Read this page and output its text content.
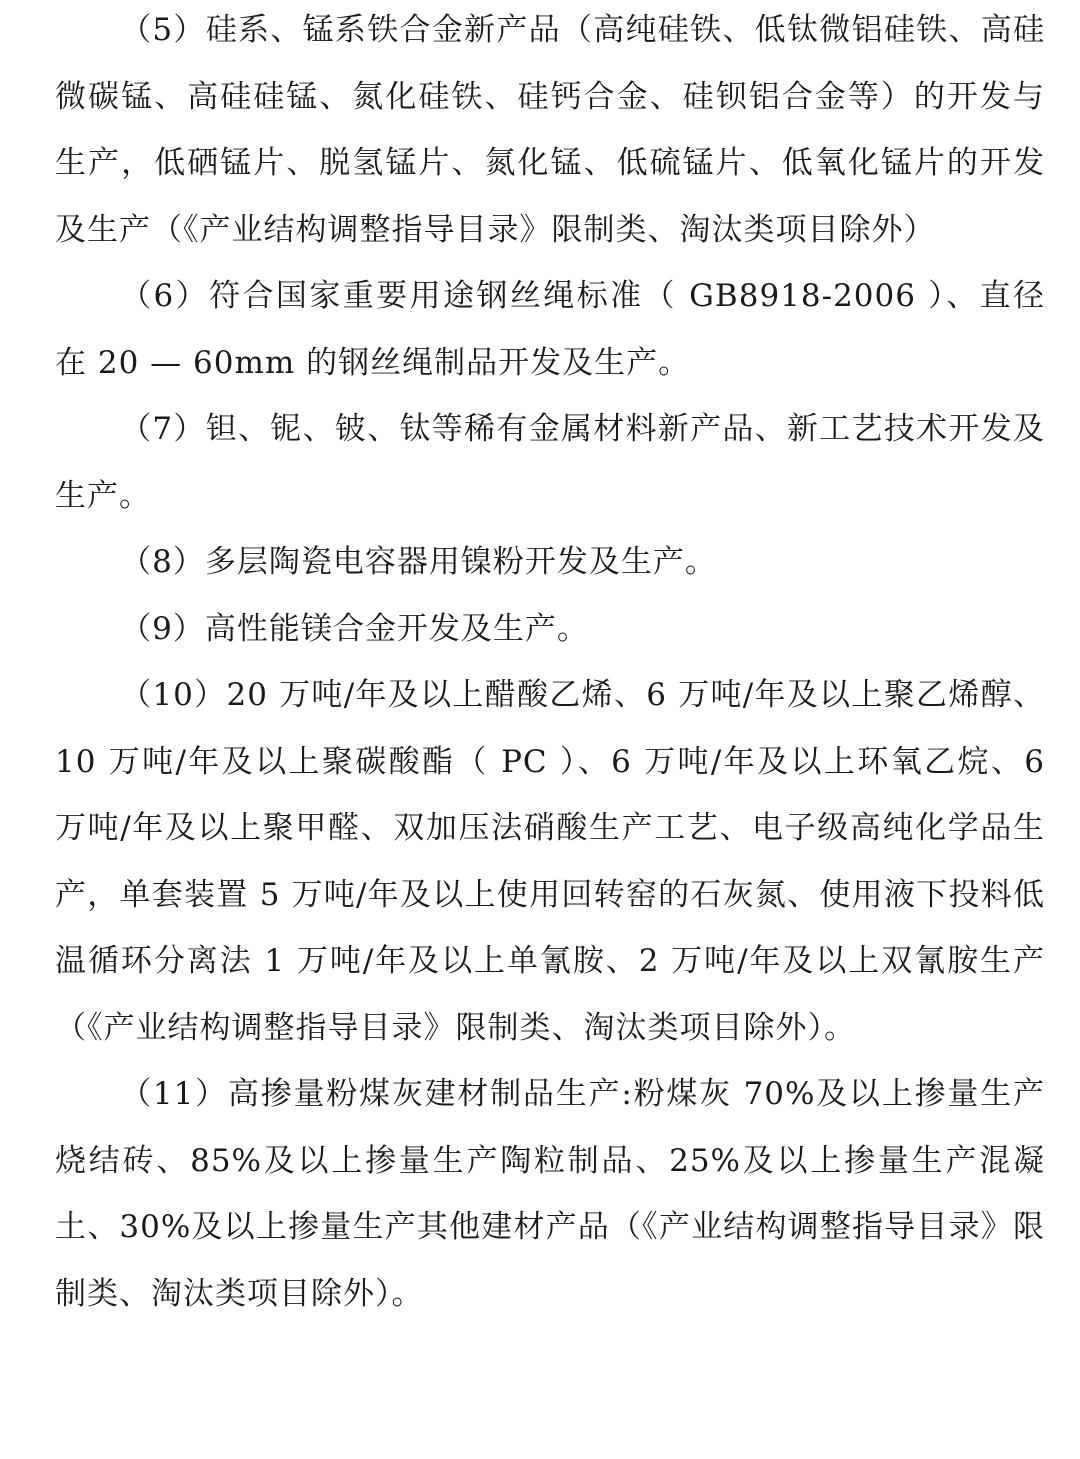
（5）硅系、锰系铁合金新产品（高纯硅铁、低钛微铝硅铁、高硅微碳锰、高硅硅锰、氮化硅铁、硅钙合金、硅钡铝合金等）的开发与生产，低硒锰片、脱氢锰片、氮化锰、低硫锰片、低氧化锰片的开发及生产（《产业结构调整指导目录》限制类、淘汰类项目除外）

（6）符合国家重要用途钢丝绳标准（ GB8918-2006 ）、直径在 20 — 60mm 的钢丝绳制品开发及生产。

（7）钽、铌、铍、钛等稀有金属材料新产品、新工艺技术开发及生产。

（8）多层陶瓷电容器用镍粉开发及生产。

（9）高性能镁合金开发及生产。

（10）20 万吨/年及以上醋酸乙烯、6 万吨/年及以上聚乙烯醇、10 万吨/年及以上聚碳酸酯（ PC ）、6 万吨/年及以上环氧乙烷、6 万吨/年及以上聚甲醛、双加压法硝酸生产工艺、电子级高纯化学品生产，单套装置 5 万吨/年及以上使用回转窑的石灰氮、使用液下投料低温循环分离法 1 万吨/年及以上单氰胺、2 万吨/年及以上双氰胺生产（《产业结构调整指导目录》限制类、淘汰类项目除外）。

（11）高掺量粉煤灰建材制品生产:粉煤灰 70%及以上掺量生产烧结砖、85%及以上掺量生产陶粒制品、25%及以上掺量生产混凝土、30%及以上掺量生产其他建材产品（《产业结构调整指导目录》限制类、淘汰类项目除外）。
